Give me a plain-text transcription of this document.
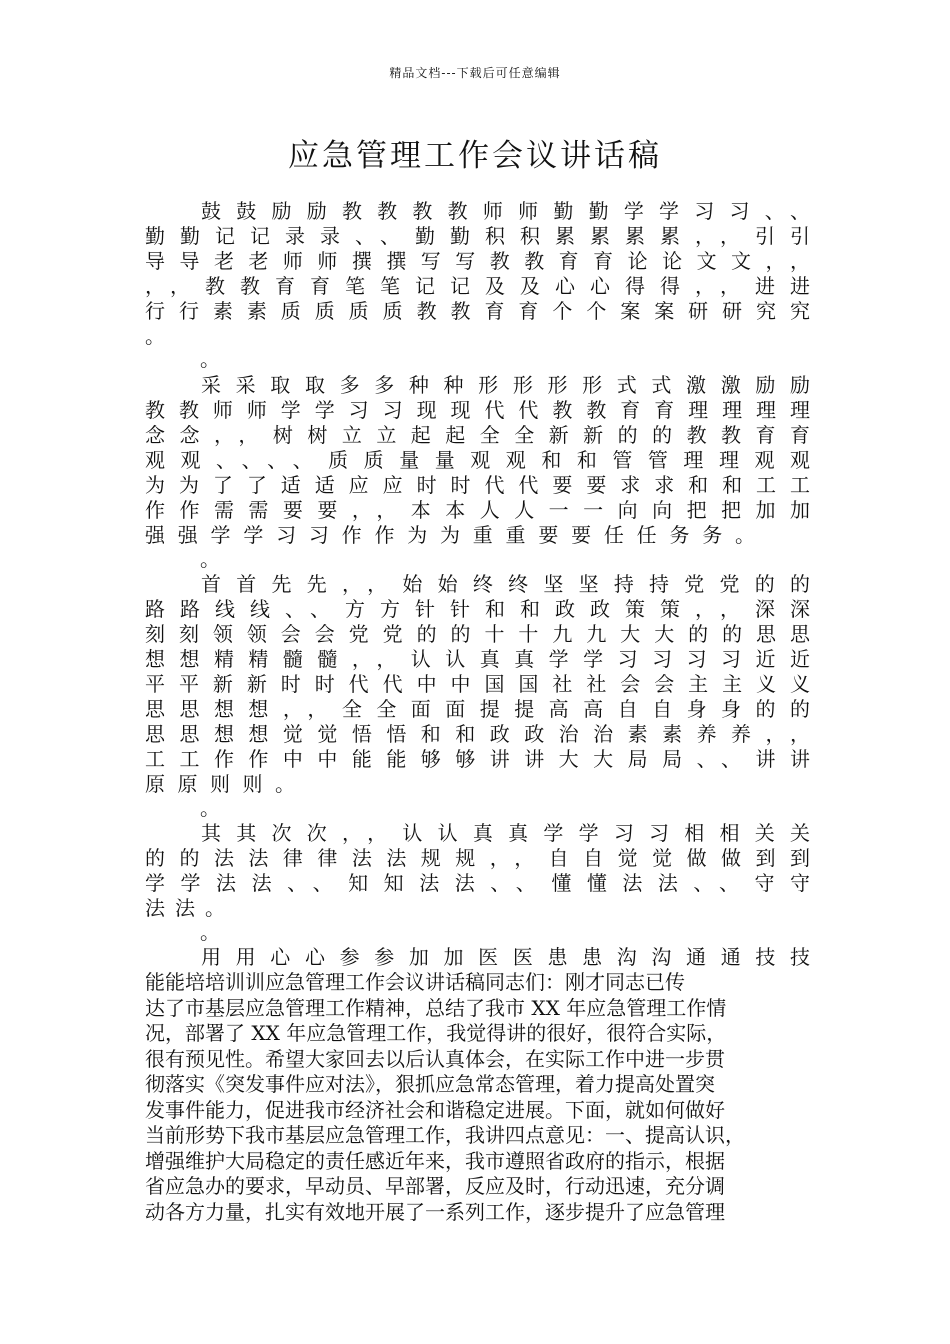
精品文档---下载后可任意编辑
应急管理工作会议讲话稿
鼓鼓励励教教教教师师勤勤学学习习、、
勤勤记记录录、、勤勤积积累累累累，，引引
导导老老师师撰撰写写教教育育论论文文，，
，，教教育育笔笔记记及及心心得得，，进进
行行素素质质质质教教育育个个案案研研究究
。
。
采采取取多多种种形形形形式式激激励励
教教师师学学习习现现代代教教育育理理理理
念念，，树树立立起起全全新新的的教教育育
观观、、、、质质量量观观和和管管理理观观
为为了了适适应应时时代代要要求求和和工工
作作需需要要，，本本人人一一向向把把加加
强强学学习习作作为为重重要要任任务务。
。
首首先先，，始始终终坚坚持持党党的的
路路线线、、方方针针和和政政策策，，深深
刻刻领领会会党党的的十十九九大大的的思思
想想精精髓髓，，认认真真学学习习习习近近
平平新新时时代代中中国国社社会会主主义义
思思想想，，全全面面提提高高自自身身的的
思思想想觉觉悟悟和和政政治治素素养养，，
工工作作中中能能够够讲讲大大局局、、讲讲
原原则则。
。
其其次次，，认认真真学学习习相相关关
的的法法律律法法规规，，自自觉觉做做到到
学学法法、、知知法法、、懂懂法法、、守守
法法。
。
用用心心参参加加医医患患沟沟通通技技
能能培培训训应急管理工作会议讲话稿同志们：刚才同志已传
达了市基层应急管理工作精神，总结了我市 XX 年应急管理工作情
况，部署了 XX 年应急管理工作，我觉得讲的很好，很符合实际，
很有预见性。希望大家回去以后认真体会，在实际工作中进一步贯
彻落实《突发事件应对法》，狠抓应急常态管理，着力提高处置突
发事件能力，促进我市经济社会和谐稳定进展。下面，就如何做好
当前形势下我市基层应急管理工作，我讲四点意见：一、提高认识，
增强维护大局稳定的责任感近年来，我市遵照省政府的指示，根据
省应急办的要求，早动员、早部署，反应及时，行动迅速，充分调
动各方力量，扎实有效地开展了一系列工作，逐步提升了应急管理
